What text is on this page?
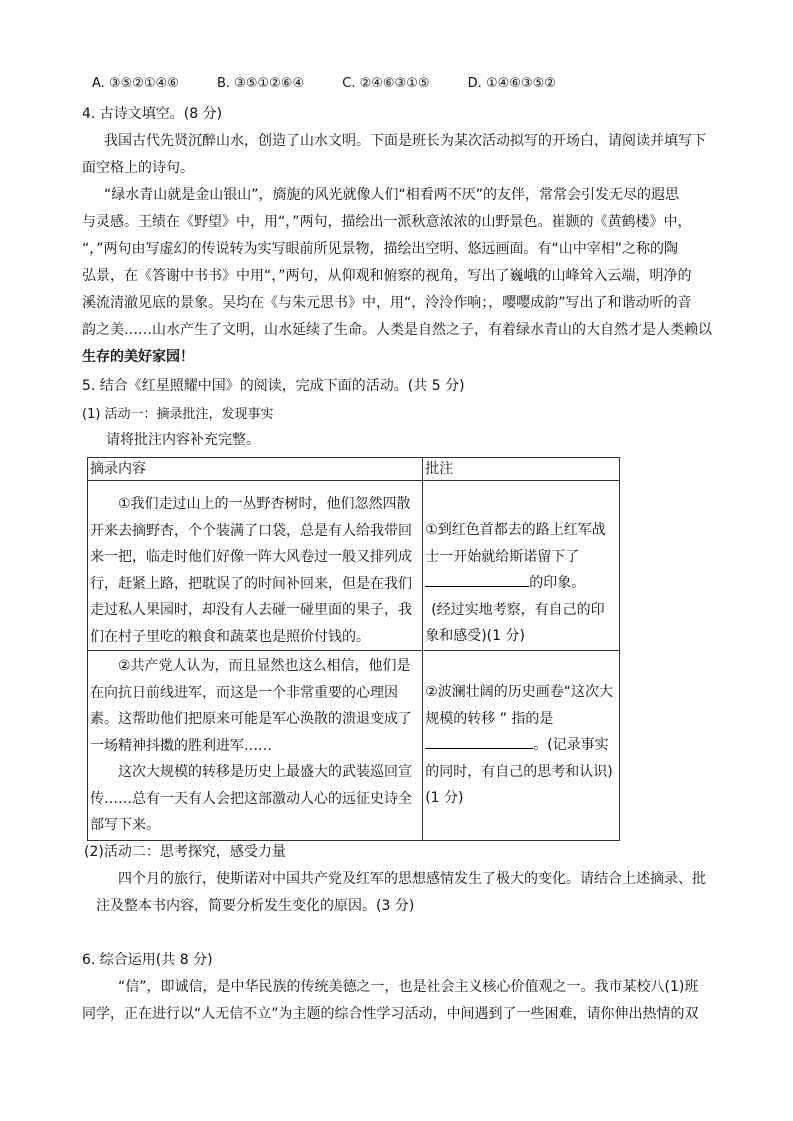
A. ③⑤②①④⑥	B. ③⑤①②⑥④	C. ②④⑥③①⑤	D. ①④⑥③⑤②
4. 古诗文填空。(8 分)
我国古代先贤沉醉山水，创造了山水文明。下面是班长为某次活动拟写的开场白，请阅读并填写下
面空格上的诗句。
“绿水青山就是金山银山”，旖旎的风光就像人们“相看两不厌”的友伴，常常会引发无尽的遐思
与灵感。王绩在《野望》中，用“，”两句，描绘出一派秋意浓浓的山野景色。崔颢的《黄鹤楼》中，
“，”两句由写虚幻的传说转为实写眼前所见景物，描绘出空明、悠远画面。有“山中宰相”之称的陶
弘景，在《答谢中书书》中用“，”两句，从仰观和俯察的视角，写出了巍峨的山峰耸入云端，明净的
溪流清澈见底的景象。吴均在《与朱元思书》中，用“，泠泠作响；，嘤嘤成韵”写出了和谐动听的音
韵之美……山水产生了文明，山水延续了生命。人类是自然之子，有着绿水青山的大自然才是人类赖以
生存的美好家园！
5. 结合《红星照耀中国》的阅读，完成下面的活动。(共 5 分)
(1) 活动一：摘录批注，发现事实
请将批注内容补充完整。
摘录内容	批注

①我们走过山上的一丛野杏树时，他们忽然四散开来去摘野杏，个个装满了口袋，总是有人给我带回来一把，临走时他们好像一阵大风卷过一般又排列成行，赶紧上路，把耽误了的时间补回来，但是在我们走过私人果园时，却没有人去碰一碰里面的果子，我们在村子里吃的粮食和蔬菜也是照价付钱的。	①到红色首都去的路上红军战士一开始就给斯诺留下了的印象。
(经过实地考察，有自己的印象和感受)(1 分)

②共产党人认为，而且显然也这么相信，他们是在向抗日前线进军，而这是一个非常重要的心理因素。这帮助他们把原来可能是军心涣散的溃退变成了一场精神抖擞的胜利进军……
这次大规模的转移是历史上最盛大的武装巡回宣传……总有一天有人会把这部激动人心的远征史诗全部写下来。	②波澜壮阔的历史画卷“这次大规模的转移 ” 指的是。(记录事实的同时，有自己的思考和认识)(1 分)
(2)活动二：思考探究，感受力量
四个月的旅行，使斯诺对中国共产党及红军的思想感情发生了极大的变化。请结合上述摘录、批
注及整本书内容，简要分析发生变化的原因。(3 分)
6. 综合运用(共 8 分)
“信”，即诚信，是中华民族的传统美德之一，也是社会主义核心价值观之一。我市某校八(1)班
同学，正在进行以“人无信不立”为主题的综合性学习活动，中间遇到了一些困难，请你伸出热情的双
